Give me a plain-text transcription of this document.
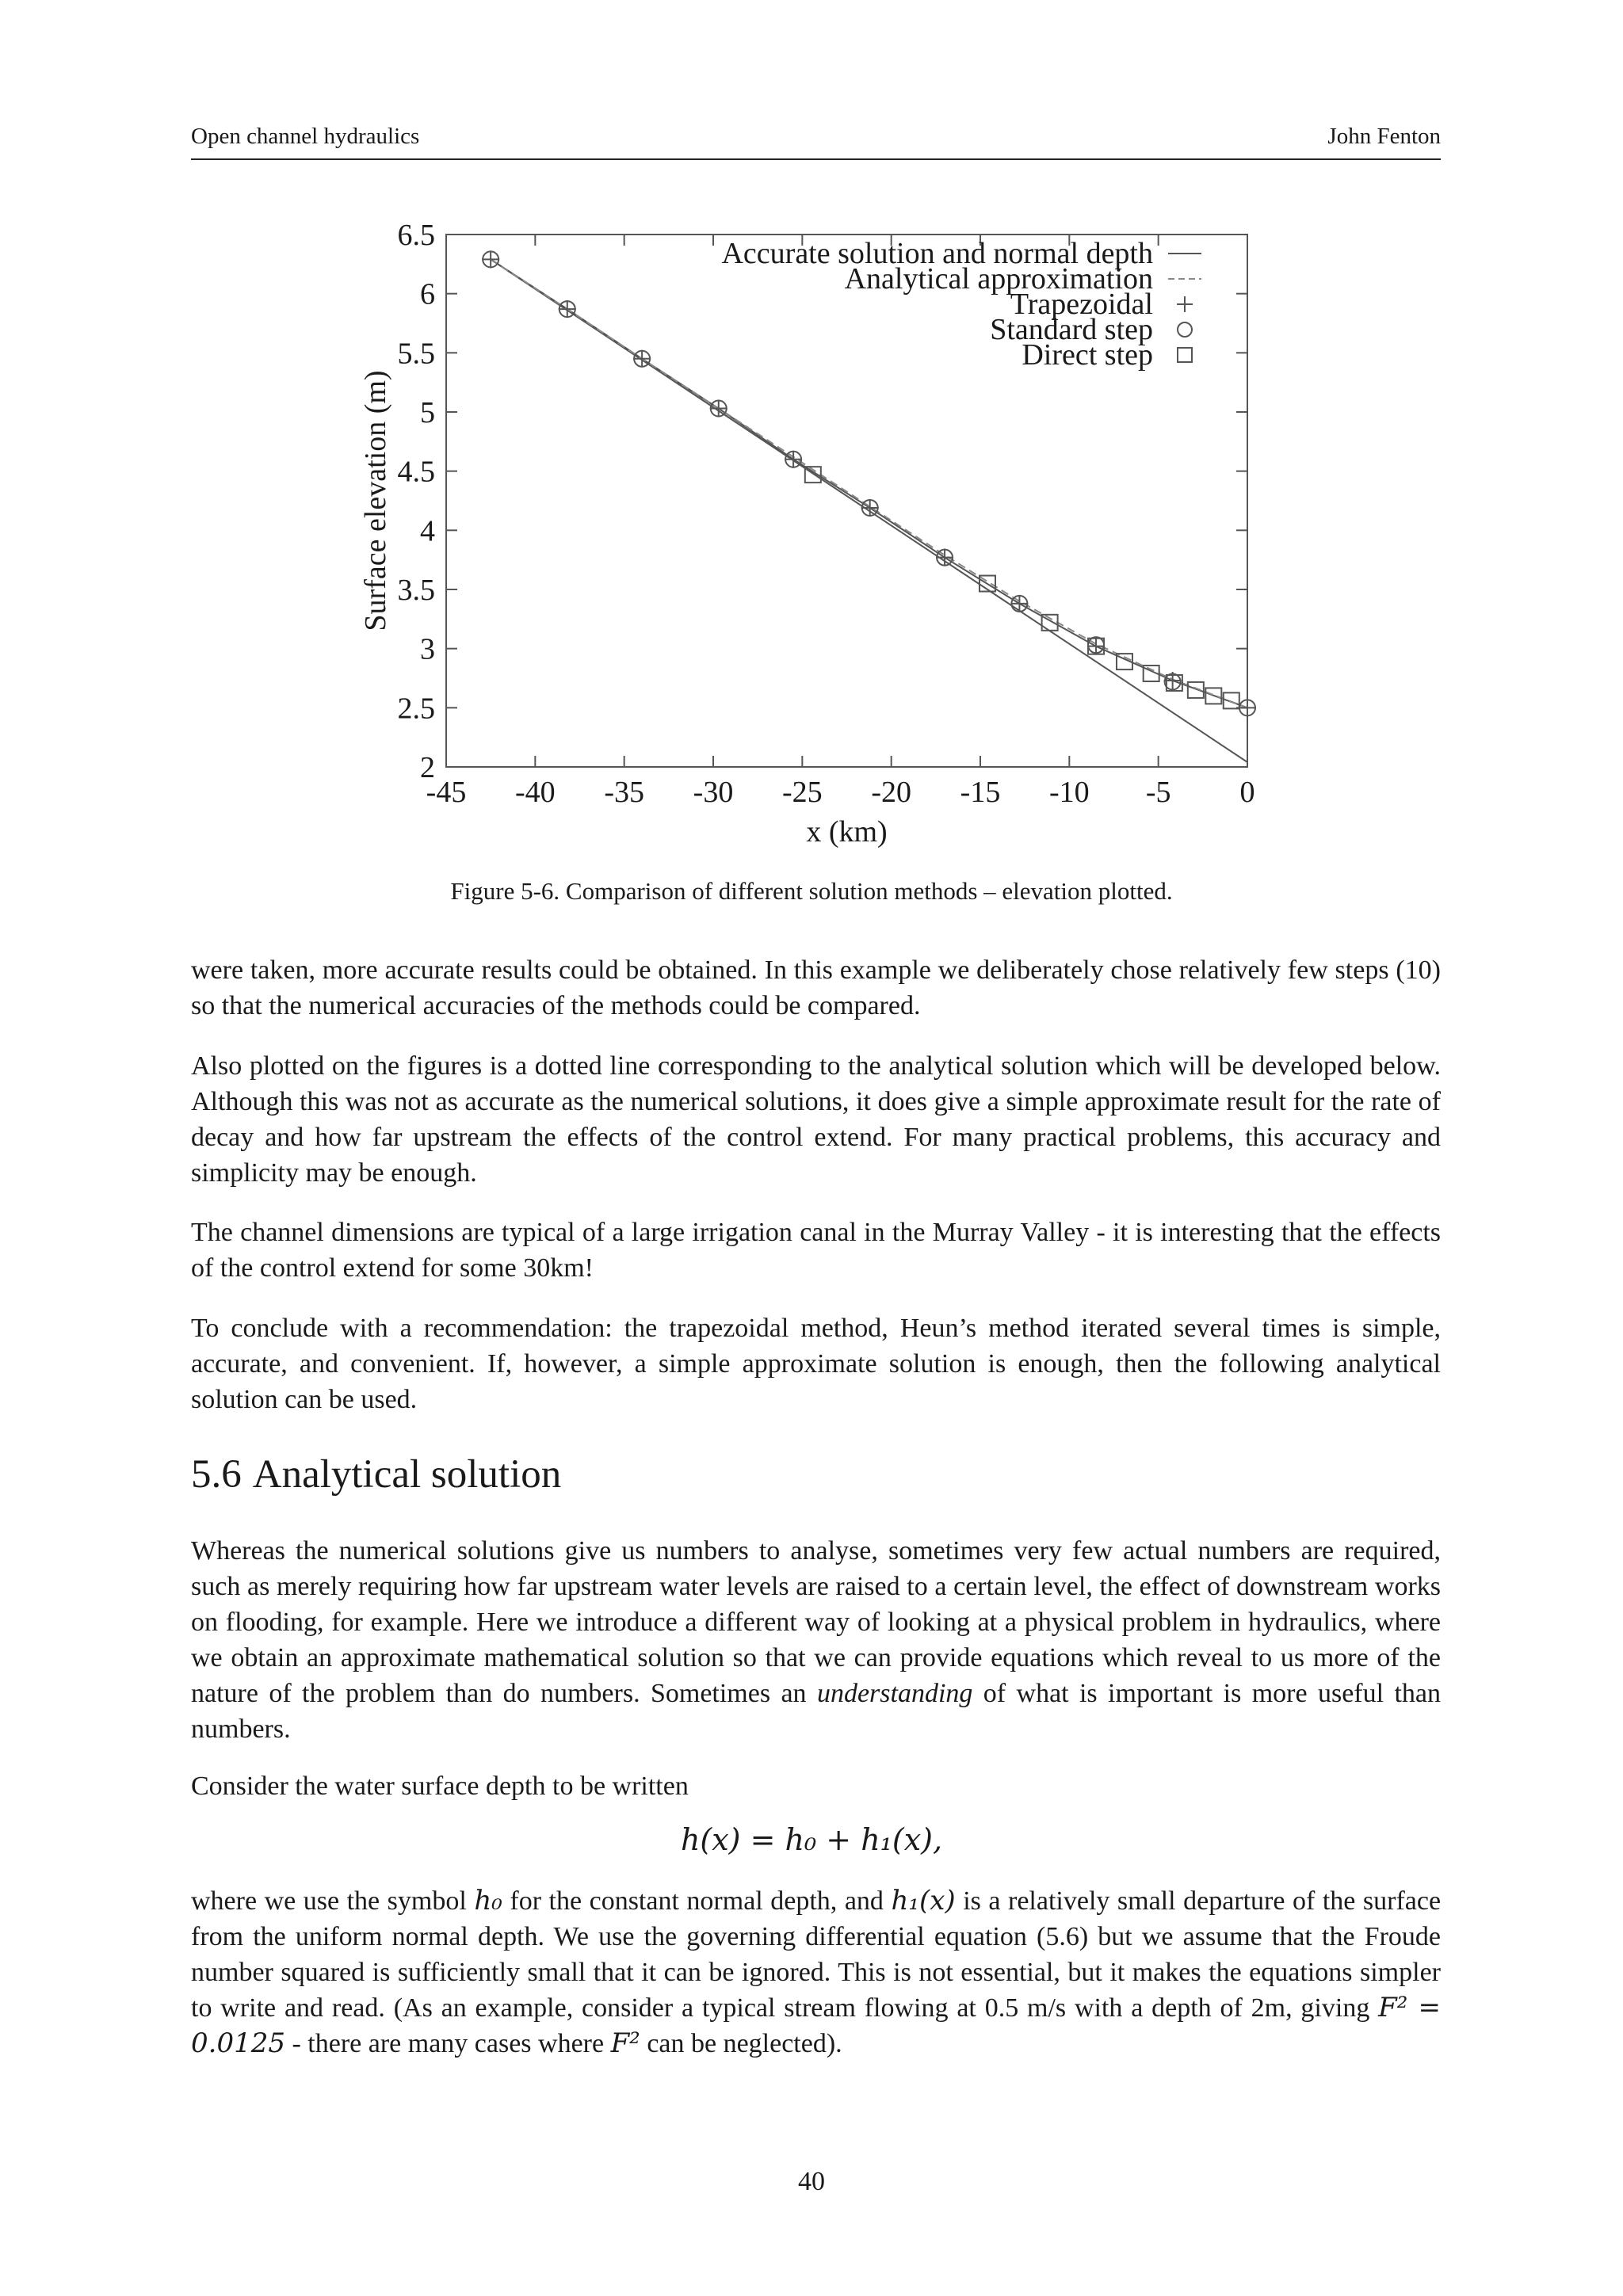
Open channel hydraulics	John Fenton
2
2.5
3
3.5
4
4.5
5
5.5
6
6.5
-45 -40 -35 -30 -25 -20 -15 -10 -5 0
x (km)
Surface elevation (m)
Accurate solution and normal depth
Analytical approximation
Trapezoidal
Standard step
Direct step
Figure 5-6. Comparison of different solution methods – elevation plotted.
were taken, more accurate results could be obtained. In this example we deliberately chose relatively few steps (10) so that the numerical accuracies of the methods could be compared.
Also plotted on the figures is a dotted line corresponding to the analytical solution which will be developed below. Although this was not as accurate as the numerical solutions, it does give a simple approximate result for the rate of decay and how far upstream the effects of the control extend. For many practical problems, this accuracy and simplicity may be enough.
The channel dimensions are typical of a large irrigation canal in the Murray Valley - it is interesting that the effects of the control extend for some 30km!
To conclude with a recommendation: the trapezoidal method, Heun’s method iterated several times is simple, accurate, and convenient. If, however, a simple approximate solution is enough, then the following analytical solution can be used.
5.6 Analytical solution
Whereas the numerical solutions give us numbers to analyse, sometimes very few actual numbers are required, such as merely requiring how far upstream water levels are raised to a certain level, the effect of downstream works on flooding, for example. Here we introduce a different way of looking at a physical problem in hydraulics, where we obtain an approximate mathematical solution so that we can provide equations which reveal to us more of the nature of the problem than do numbers. Sometimes an understanding of what is important is more useful than numbers.
Consider the water surface depth to be written
h(x) = h₀ + h₁(x),
where we use the symbol h₀ for the constant normal depth, and h₁(x) is a relatively small departure of the surface from the uniform normal depth. We use the governing differential equation (5.6) but we assume that the Froude number squared is sufficiently small that it can be ignored. This is not essential, but it makes the equations simpler to write and read. (As an example, consider a typical stream flowing at 0.5 m/s with a depth of 2m, giving F² = 0.0125 - there are many cases where F² can be neglected).
40
